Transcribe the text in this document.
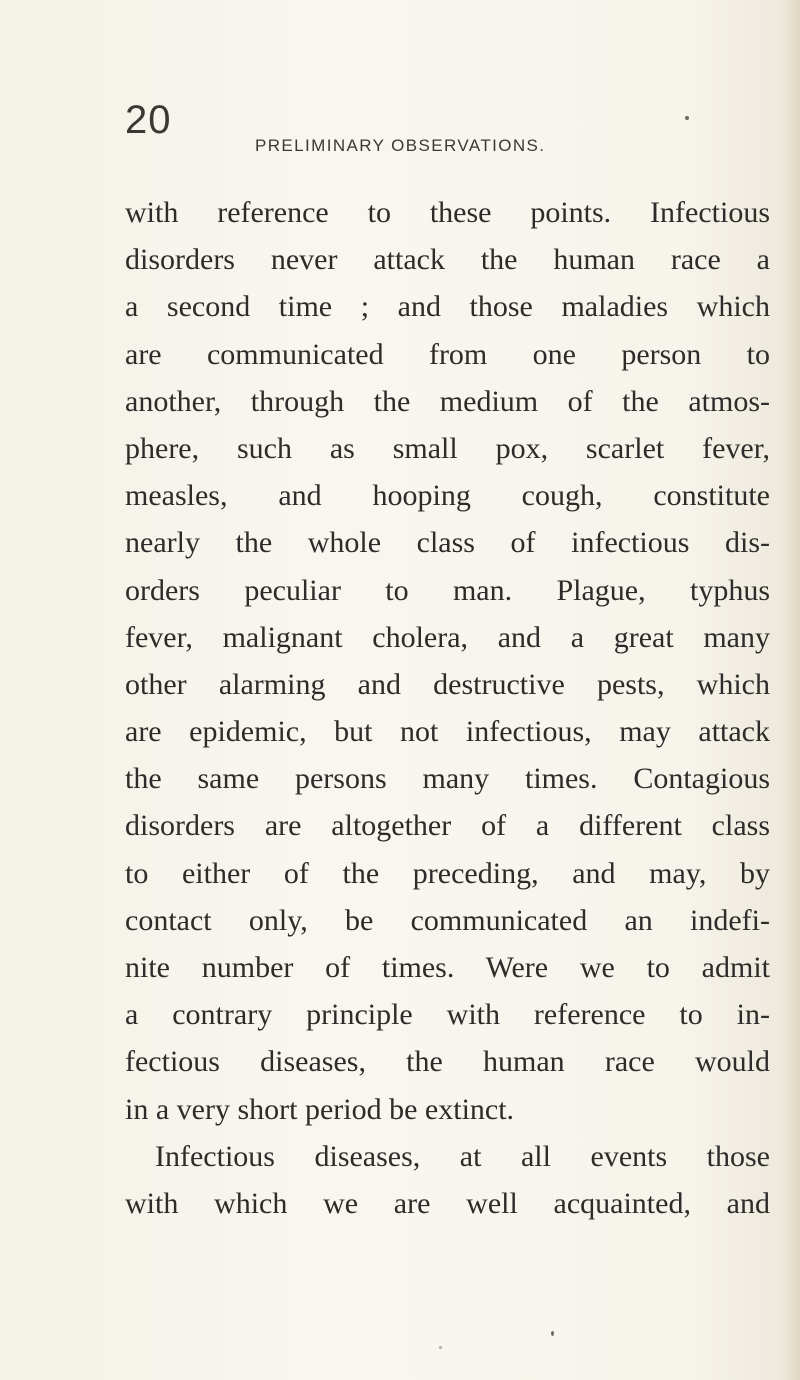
20
PRELIMINARY OBSERVATIONS.
with reference to these points. Infectious
disorders never attack the human race a
a second time ; and those maladies which
are communicated from one person to
another, through the medium of the atmos-
phere, such as small pox, scarlet fever,
measles, and hooping cough, constitute
nearly the whole class of infectious dis-
orders peculiar to man. Plague, typhus
fever, malignant cholera, and a great many
other alarming and destructive pests, which
are epidemic, but not infectious, may attack
the same persons many times. Contagious
disorders are altogether of a different class
to either of the preceding, and may, by
contact only, be communicated an indefi-
nite number of times. Were we to admit
a contrary principle with reference to in-
fectious diseases, the human race would
in a very short period be extinct.
Infectious diseases, at all events those
with which we are well acquainted, and
